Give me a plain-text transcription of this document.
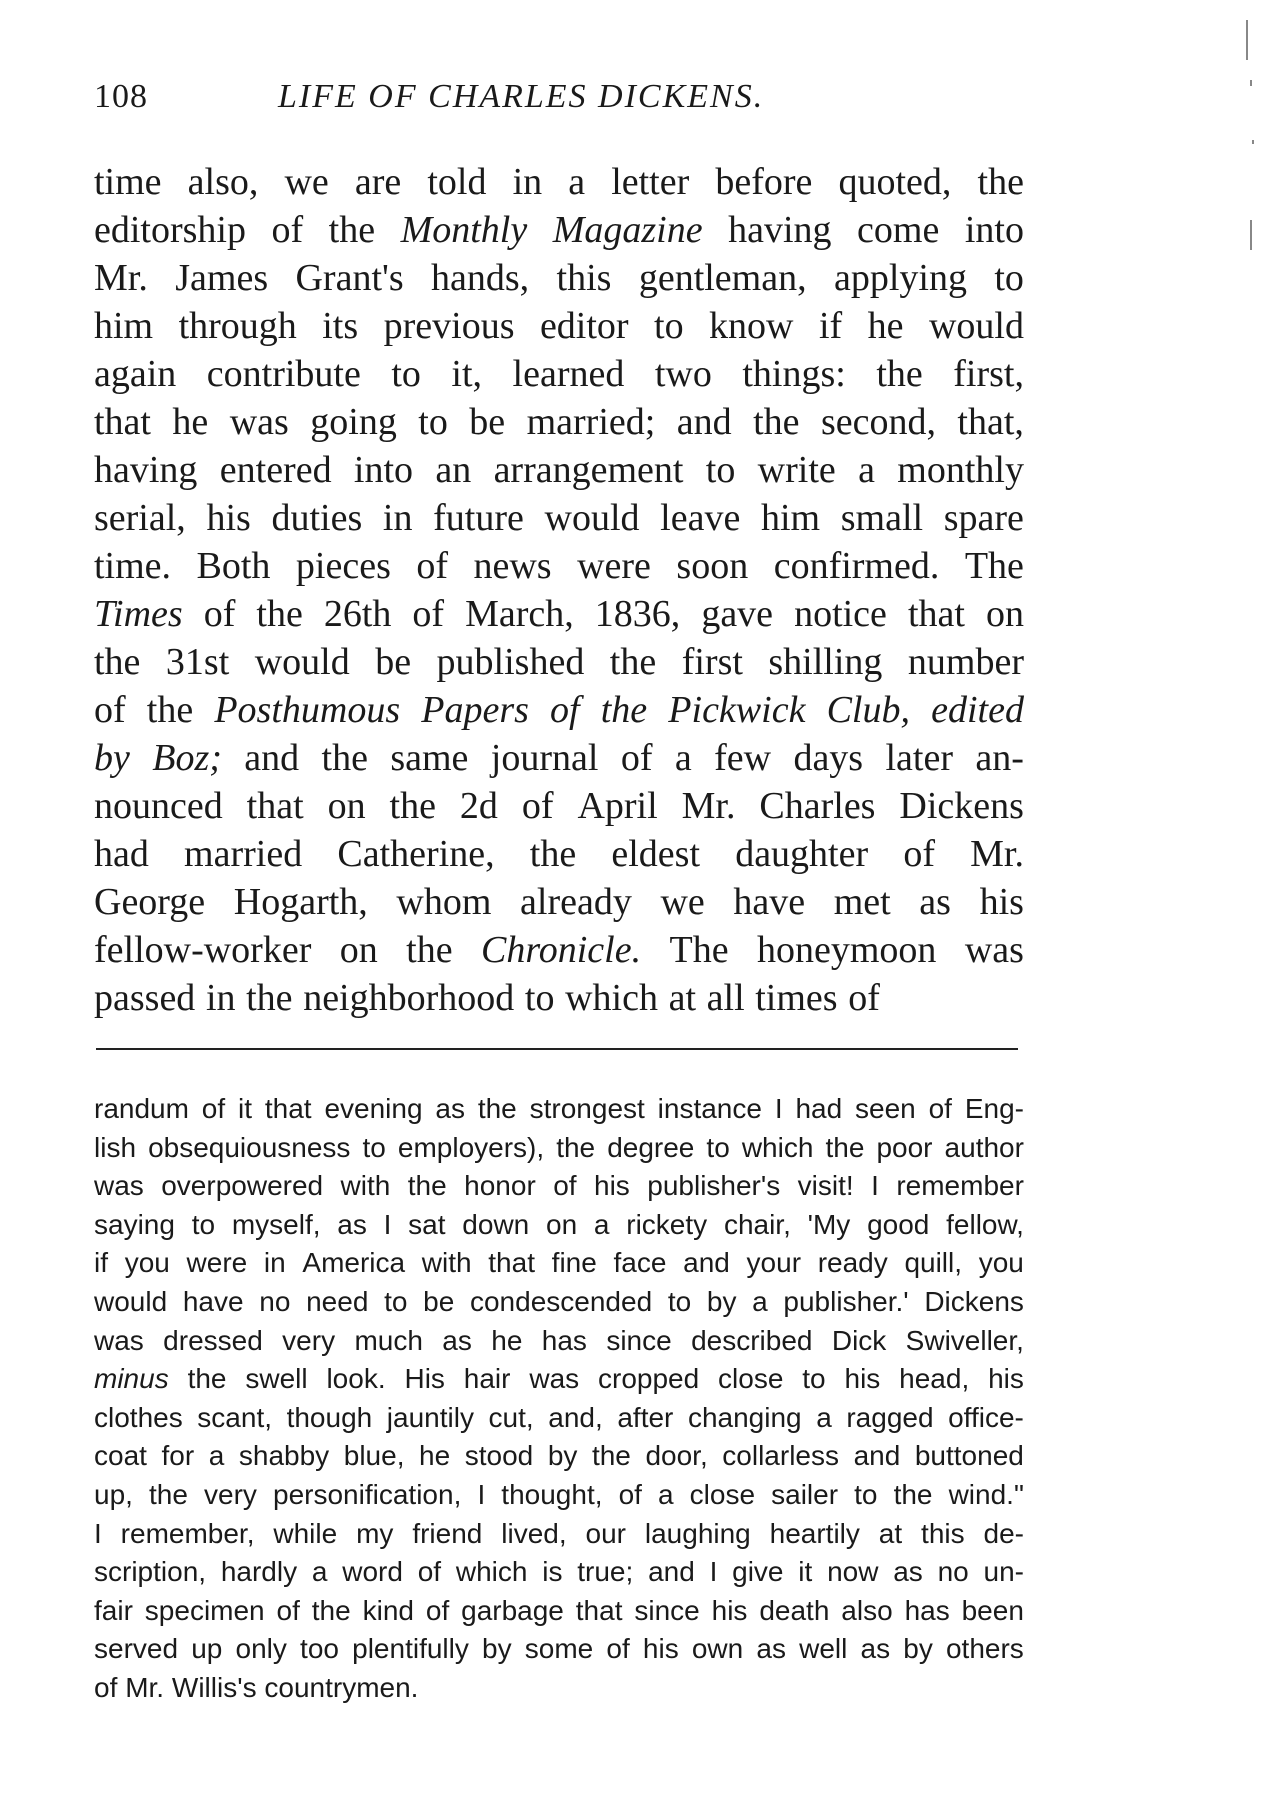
108	LIFE OF CHARLES DICKENS.
time also, we are told in a letter before quoted, the
editorship of the Monthly Magazine having come into
Mr. James Grant's hands, this gentleman, applying to
him through its previous editor to know if he would
again contribute to it, learned two things: the first,
that he was going to be married; and the second, that,
having entered into an arrangement to write a monthly
serial, his duties in future would leave him small spare
time. Both pieces of news were soon confirmed. The
Times of the 26th of March, 1836, gave notice that on
the 31st would be published the first shilling number
of the Posthumous Papers of the Pickwick Club, edited
by Boz; and the same journal of a few days later an-
nounced that on the 2d of April Mr. Charles Dickens
had married Catherine, the eldest daughter of Mr.
George Hogarth, whom already we have met as his
fellow-worker on the Chronicle. The honeymoon was
passed in the neighborhood to which at all times of
randum of it that evening as the strongest instance I had seen of Eng-
lish obsequiousness to employers), the degree to which the poor author
was overpowered with the honor of his publisher's visit! I remember
saying to myself, as I sat down on a rickety chair, 'My good fellow,
if you were in America with that fine face and your ready quill, you
would have no need to be condescended to by a publisher.' Dickens
was dressed very much as he has since described Dick Swiveller,
minus the swell look. His hair was cropped close to his head, his
clothes scant, though jauntily cut, and, after changing a ragged office-
coat for a shabby blue, he stood by the door, collarless and buttoned
up, the very personification, I thought, of a close sailer to the wind."
I remember, while my friend lived, our laughing heartily at this de-
scription, hardly a word of which is true; and I give it now as no un-
fair specimen of the kind of garbage that since his death also has been
served up only too plentifully by some of his own as well as by others
of Mr. Willis's countrymen.
